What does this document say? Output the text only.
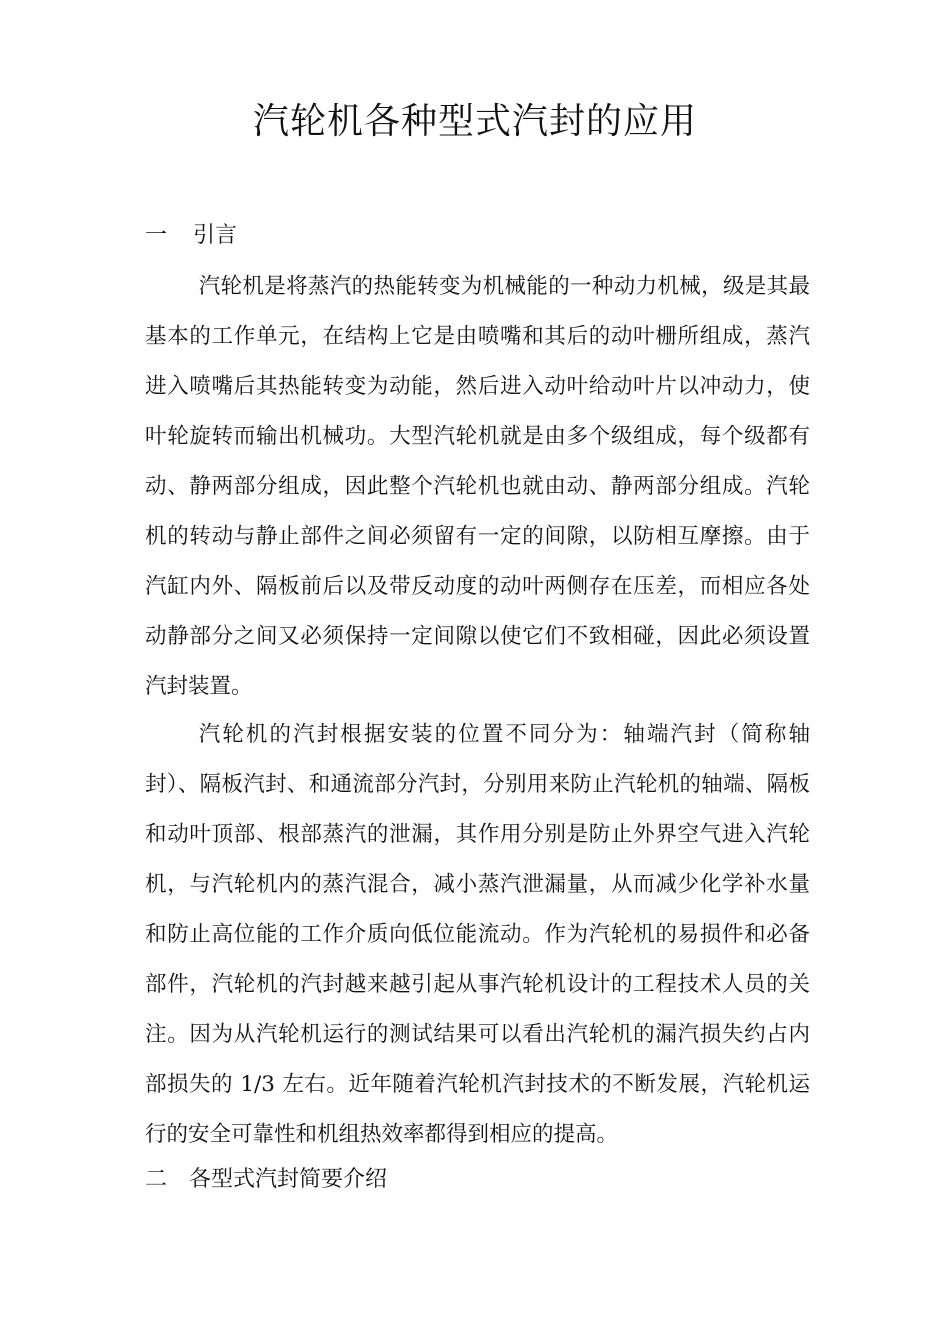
汽轮机各种型式汽封的应用
一 引言

汽轮机是将蒸汽的热能转变为机械能的一种动力机械，级是其最基本的工作单元，在结构上它是由喷嘴和其后的动叶栅所组成，蒸汽进入喷嘴后其热能转变为动能，然后进入动叶给动叶片以冲动力，使叶轮旋转而输出机械功。大型汽轮机就是由多个级组成，每个级都有动、静两部分组成，因此整个汽轮机也就由动、静两部分组成。汽轮机的转动与静止部件之间必须留有一定的间隙，以防相互摩擦。由于汽缸内外、隔板前后以及带反动度的动叶两侧存在压差，而相应各处动静部分之间又必须保持一定间隙以使它们不致相碰，因此必须设置汽封装置。

汽轮机的汽封根据安装的位置不同分为：轴端汽封（简称轴封）、隔板汽封、和通流部分汽封，分别用来防止汽轮机的轴端、隔板和动叶顶部、根部蒸汽的泄漏，其作用分别是防止外界空气进入汽轮机，与汽轮机内的蒸汽混合，减小蒸汽泄漏量，从而减少化学补水量和防止高位能的工作介质向低位能流动。作为汽轮机的易损件和必备部件，汽轮机的汽封越来越引起从事汽轮机设计的工程技术人员的关注。因为从汽轮机运行的测试结果可以看出汽轮机的漏汽损失约占内部损失的 1/3 左右。近年随着汽轮机汽封技术的不断发展，汽轮机运行的安全可靠性和机组热效率都得到相应的提高。

二 各型式汽封简要介绍
